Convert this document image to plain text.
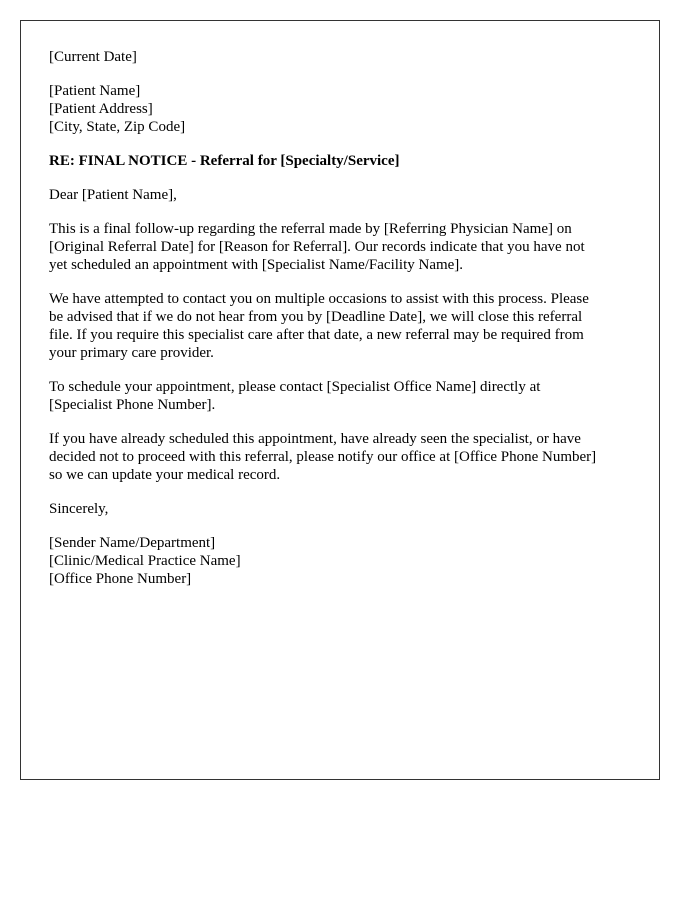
[Current Date]
[Patient Name]
[Patient Address]
[City, State, Zip Code]
RE: FINAL NOTICE - Referral for [Specialty/Service]
Dear [Patient Name],
This is a final follow-up regarding the referral made by [Referring Physician Name] on
[Original Referral Date] for [Reason for Referral]. Our records indicate that you have not
yet scheduled an appointment with [Specialist Name/Facility Name].
We have attempted to contact you on multiple occasions to assist with this process. Please
be advised that if we do not hear from you by [Deadline Date], we will close this referral
file. If you require this specialist care after that date, a new referral may be required from
your primary care provider.
To schedule your appointment, please contact [Specialist Office Name] directly at
[Specialist Phone Number].
If you have already scheduled this appointment, have already seen the specialist, or have
decided not to proceed with this referral, please notify our office at [Office Phone Number]
so we can update your medical record.
Sincerely,
[Sender Name/Department]
[Clinic/Medical Practice Name]
[Office Phone Number]
